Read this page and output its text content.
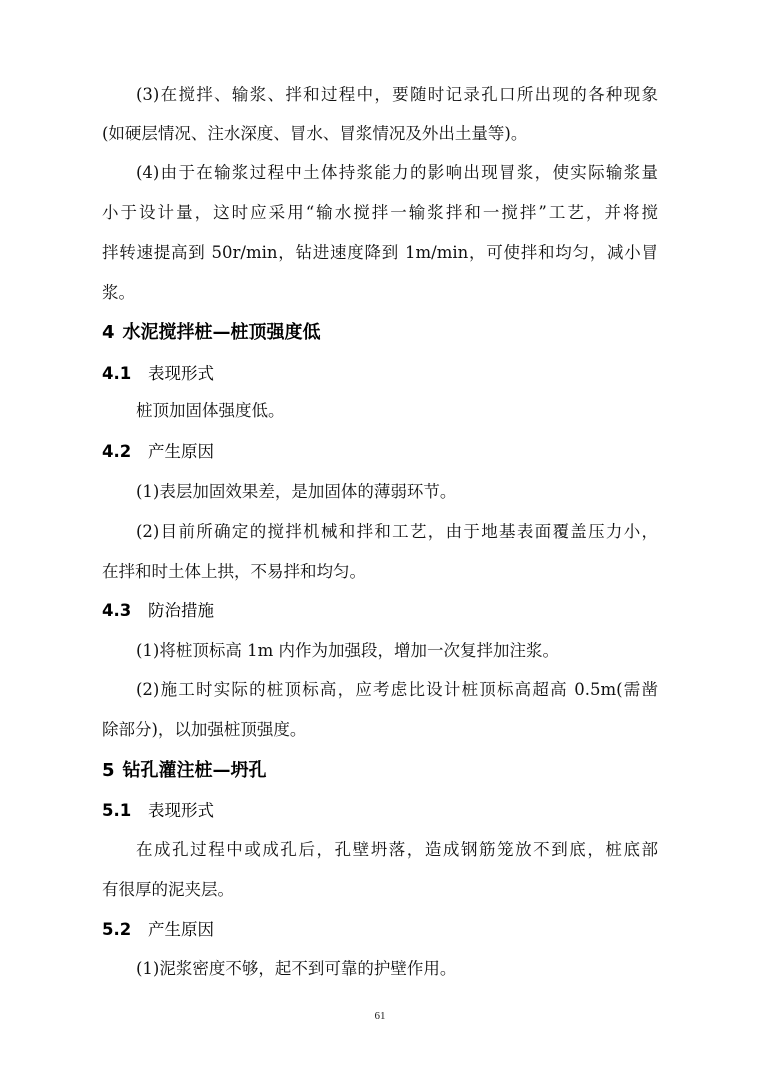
(3)在搅拌、输浆、拌和过程中，要随时记录孔口所出现的各种现象
(如硬层情况、注水深度、冒水、冒浆情况及外出土量等)。
(4)由于在输浆过程中土体持浆能力的影响出现冒浆，使实际输浆量
小于设计量，这时应采用“输水搅拌一输浆拌和一搅拌”工艺，并将搅
拌转速提高到 50r/min，钻进速度降到 1m/min，可使拌和均匀，减小冒
浆。
4 水泥搅拌桩—桩顶强度低
4.1 表现形式
桩顶加固体强度低。
4.2 产生原因
(1)表层加固效果差，是加固体的薄弱环节。
(2)目前所确定的搅拌机械和拌和工艺，由于地基表面覆盖压力小，
在拌和时土体上拱，不易拌和均匀。
4.3 防治措施
(1)将桩顶标高 1m 内作为加强段，增加一次复拌加注浆。
(2)施工时实际的桩顶标高，应考虑比设计桩顶标高超高 0.5m(需凿
除部分)，以加强桩顶强度。
5 钻孔灌注桩—坍孔
5.1 表现形式
在成孔过程中或成孔后，孔壁坍落，造成钢筋笼放不到底，桩底部
有很厚的泥夹层。
5.2 产生原因
(1)泥浆密度不够，起不到可靠的护壁作用。
61
